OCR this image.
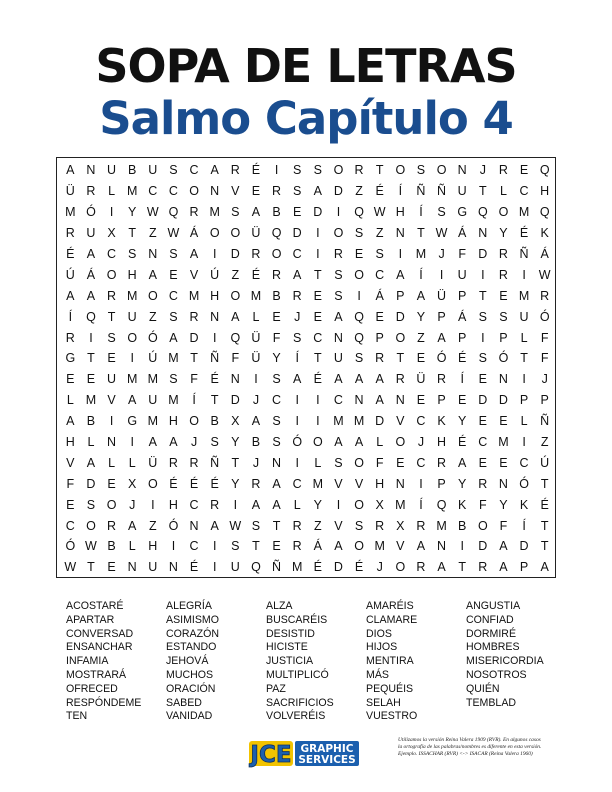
SOPA DE LETRAS
Salmo Capítulo 4
A N U B U S C A R É	I	S S O R T O S O N	J	R E Q
Ü R	L M C C O N V E R S A D Z	É	Í	Ñ Ñ U T	L	C H
M Ó	I	Y W Q R M S A B E D	I	Q W H	Í	S G Q O M Q
R U X	T	Z W Á O O Ü Q D	I	O S	Z N T W Á N Y É K
É A C S N S A	I	D R O C	I	R E S	I	M J	F D R Ñ Á
Ú Á O H A E V Ú Z	É R A	T	S O C A	Í	I	U	I	R	I	W
A A R M O C M H O M B R E S	I	Á P A Ü P	T	E M R
Í	Q T U Z	S R N A	L	E	J	E A Q E D Y P Á S S U Ó
R	I	S O Ó A D	I	Q Ü F	S C N Q P O Z	A P	I	P	L	F
G T	E	I	Ú M T Ñ F Ü Y	Í	T U S R T	E Ó É S Ó T	F
E E U M M S	F	É N	I	S A É A A A R Ü R	Í	E N	I	J
L M V A U M	Í	T D	J	C	I	I	C N A N E P E D D P P
A B	I	G M H O B X A S	I	I	M M D V C K Y E E	L	Ñ
H	L	N	I	A A	J	S Y B S Ó O A A	L O	J	H É C M	I	Z
V A	L	L	Ü R R Ñ T	J	N	I	L	S O F	E C R A E E C Ú
F D E X O É É É Y R A C M V V H N	I	P Y R N Ó T
E S O	J	I	H C R	I	A A	L	Y	I	O X M	Í	Q K	F	Y K É
C O R A	Z Ó N A W S	T R Z	V S R X R M B O F	Í	T
Ó W B	L	H	I	C	I	S	T	E R Á A O M V A N	I	D A D T
W T	E N U N É	I	U Q Ñ M É D É	J	O R A	T R A P A
ACOSTARÉ
APARTAR
CONVERSAD
ENSANCHAR
INFAMIA
MOSTRARÁ
OFRECED
RESPÓNDEME
TEN
ALEGRÍA
ASIMISMO
CORAZÓN
ESTANDO
JEHOVÁ
MUCHOS
ORACIÓN
SABED
VANIDAD
ALZA
BUSCARÉIS
DESISTID
HICISTE
JUSTICIA
MULTIPLICÓ
PAZ
SACRIFICIOS
VOLVERÉIS
AMARÉIS
CLAMARE
DIOS
HIJOS
MENTIRA
MÁS
PEQUÉIS
SELAH
VUESTRO
ANGUSTIA
CONFIAD
DORMIRÉ
HOMBRES
MISERICORDIA
NOSOTROS
QUIÉN
TEMBLAD
JCE GRAPHIC
SERVICES
Utilizamos la versión Reina Valera 1909 (RVR). En algunos casos
la ortografía de las palabras/nombres es diferente en esta versión.
Ejemplo. ISSACHAR (RVR) <-> ISACAR (Reina Valera 1960)
